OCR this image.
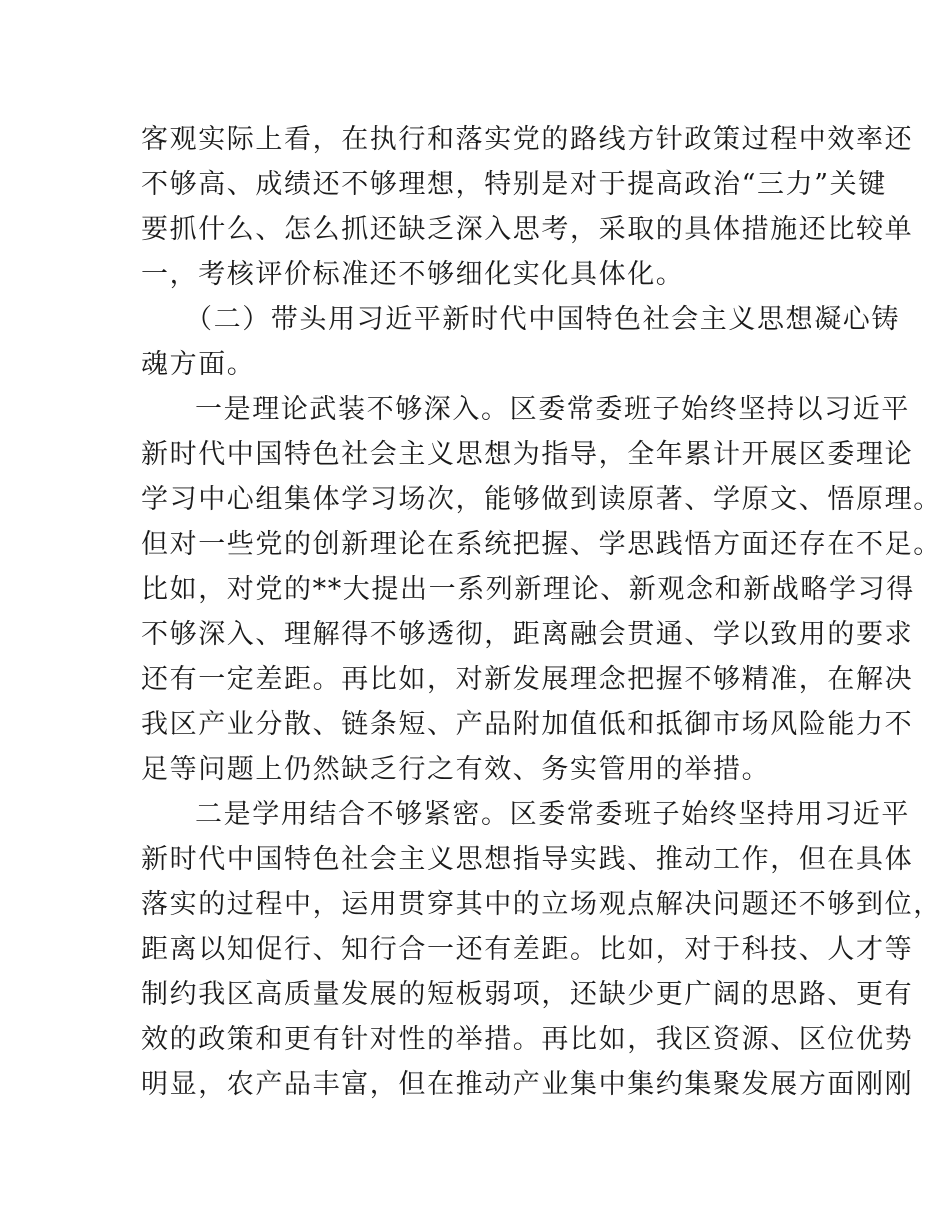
客观实际上看，在执行和落实党的路线方针政策过程中效率还
不够高、成绩还不够理想，特别是对于提高政治“三力”关键
要抓什么、怎么抓还缺乏深入思考，采取的具体措施还比较单
一，考核评价标准还不够细化实化具体化。
（二）带头用习近平新时代中国特色社会主义思想凝心铸
魂方面。
一是理论武装不够深入。区委常委班子始终坚持以习近平
新时代中国特色社会主义思想为指导，全年累计开展区委理论
学习中心组集体学习场次，能够做到读原著、学原文、悟原理。
但对一些党的创新理论在系统把握、学思践悟方面还存在不足。
比如，对党的**大提出一系列新理论、新观念和新战略学习得
不够深入、理解得不够透彻，距离融会贯通、学以致用的要求
还有一定差距。再比如，对新发展理念把握不够精准，在解决
我区产业分散、链条短、产品附加值低和抵御市场风险能力不
足等问题上仍然缺乏行之有效、务实管用的举措。
二是学用结合不够紧密。区委常委班子始终坚持用习近平
新时代中国特色社会主义思想指导实践、推动工作，但在具体
落实的过程中，运用贯穿其中的立场观点解决问题还不够到位，
距离以知促行、知行合一还有差距。比如，对于科技、人才等
制约我区高质量发展的短板弱项，还缺少更广阔的思路、更有
效的政策和更有针对性的举措。再比如，我区资源、区位优势
明显，农产品丰富，但在推动产业集中集约集聚发展方面刚刚
